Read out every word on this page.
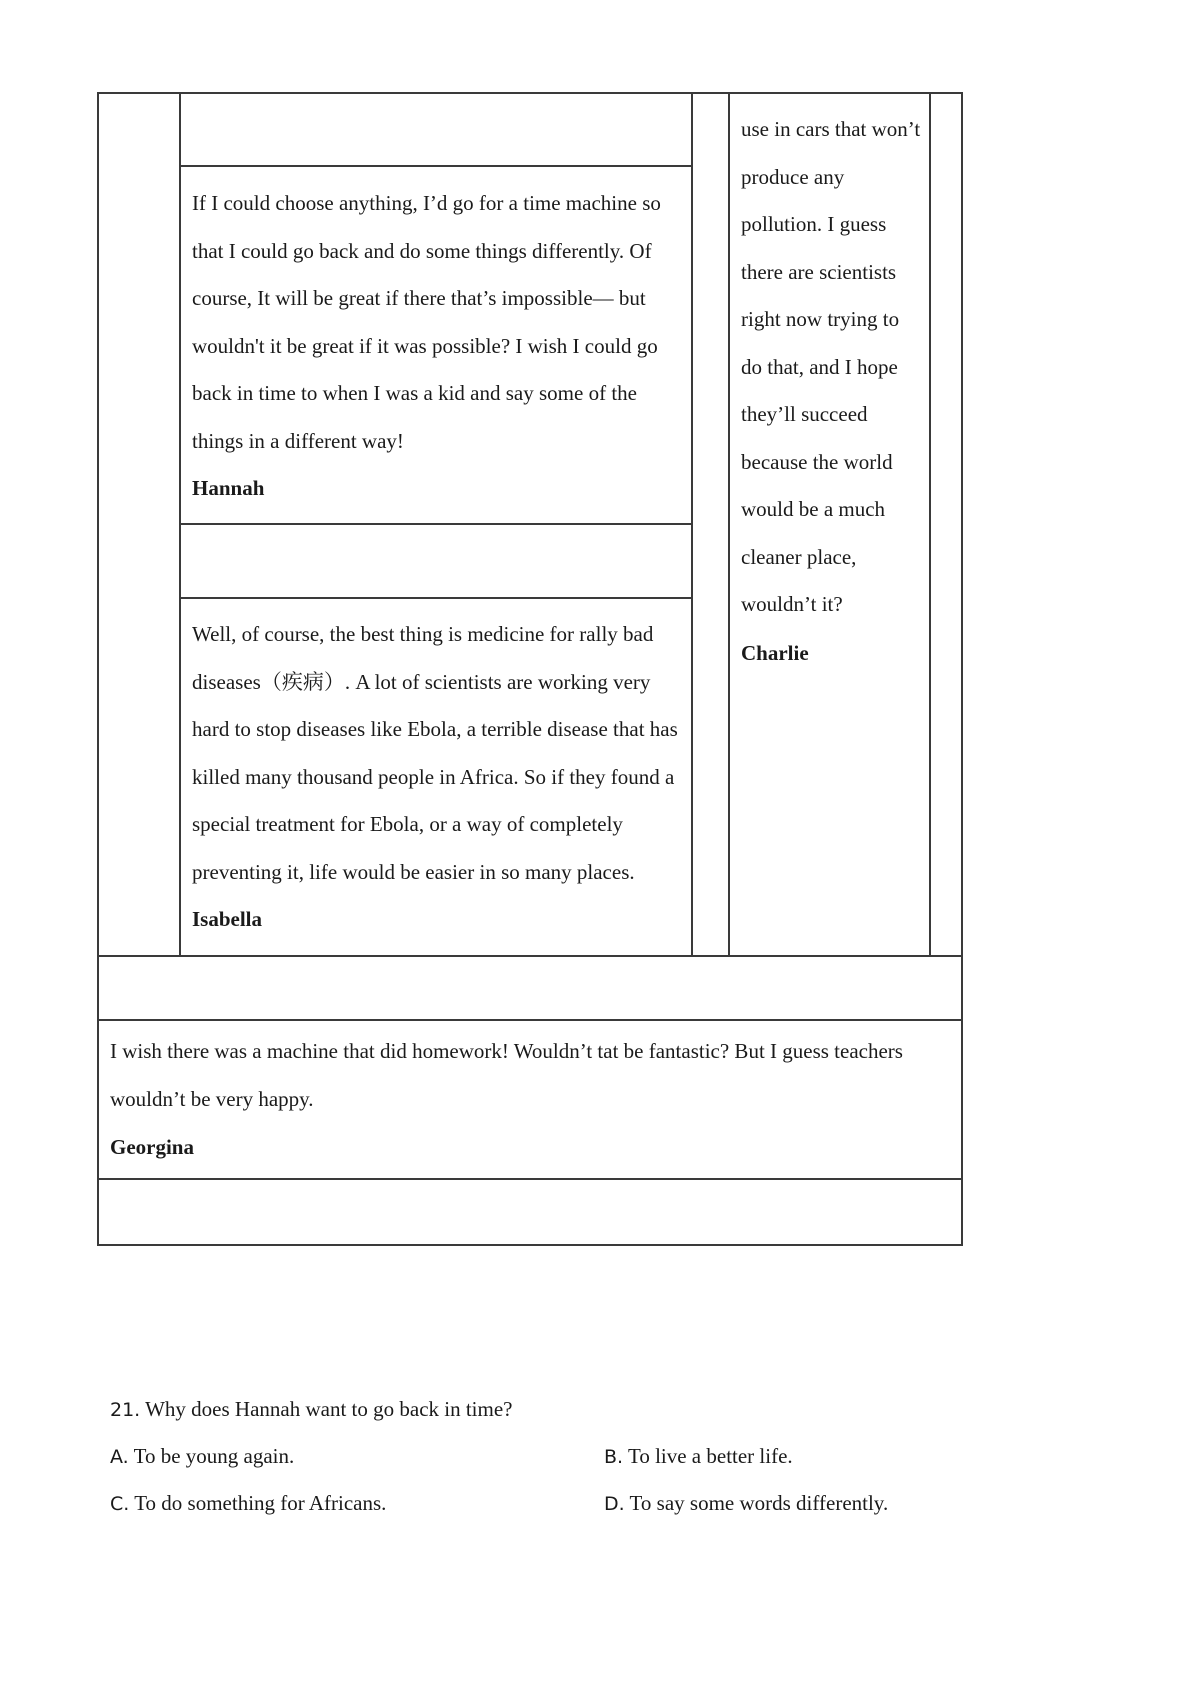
If I could choose anything, I’d go for a time machine so that I could go back and do some things differently. Of course, It will be great if there that’s impossible— but wouldn't it be great if it was possible? I wish I could go back in time to when I was a kid and say some of the things in a different way!

Hannah

Well, of course, the best thing is medicine for rally bad diseases（疾病）. A lot of scientists are working very hard to stop diseases like Ebola, a terrible disease that has killed many thousand people in Africa. So if they found a special treatment for Ebola, or a way of completely preventing it, life would be easier in so many places.

Isabella

use in cars that won’t produce any pollution. I guess there are scientists right now trying to do that, and I hope they’ll succeed because the world would be a much cleaner place, wouldn’t it?

Charlie

I wish there was a machine that did homework! Wouldn’t tat be fantastic? But I guess teachers wouldn’t be very happy.

Georgina

21. Why does Hannah want to go back in time?

A. To be young again.	B. To live a better life.

C. To do something for Africans.	D. To say some words differently.
